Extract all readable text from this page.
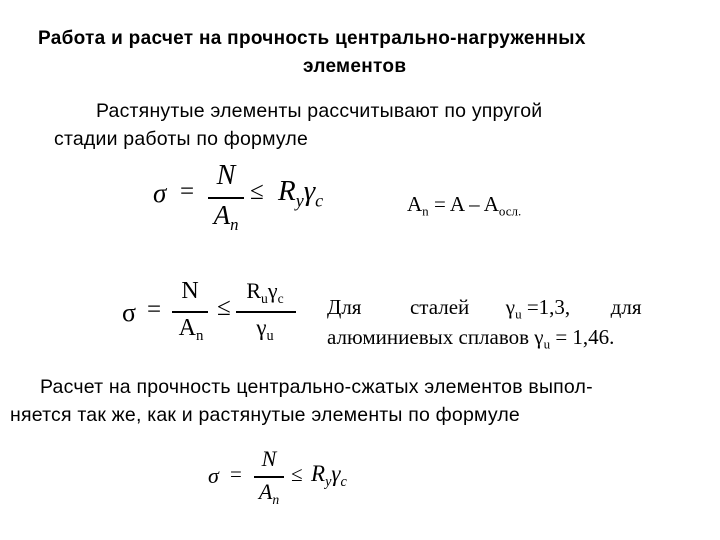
Работа и расчет на прочность центрально-нагруженных
элементов
Растянутые элементы рассчитывают по упругой
стадии работы по формуле
σ =
N
$A_n$
≤ $R_y\gamma_c$	$A_n = A - A_{осл.}$
σ =
N
$A_n$
≤
$R_u\gamma_c$
$\gamma_u$
Для сталей $\gamma_u =1,3$, для
алюминиевых сплавов $\gamma_u = 1,46$.
Расчет на прочность центрально-сжатых элементов выпол-
няется так же, как и растянутые элементы по формуле
σ =
N
$A_n$
≤ $R_y\gamma_c$
